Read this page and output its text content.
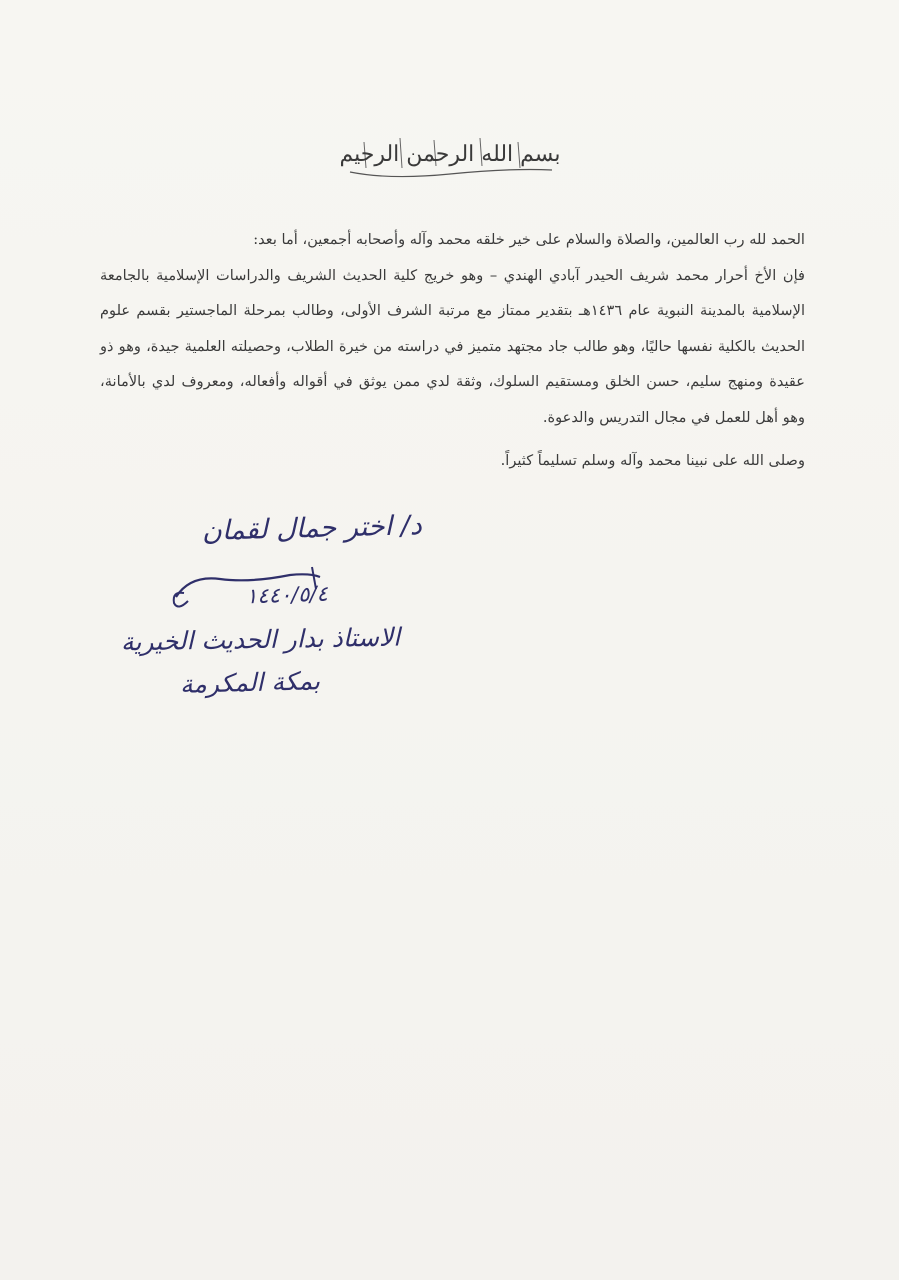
بسم الله الرحمن الرحيم

الحمد لله رب العالمين، والصلاة والسلام على خير خلقه محمد وآله وأصحابه أجمعين، أما بعد:

فإن الأخ أحرار محمد شريف الحيدر آبادي الهندي – وهو خريج كلية الحديث الشريف والدراسات الإسلامية بالجامعة الإسلامية بالمدينة النبوية عام ١٤٣٦هـ بتقدير ممتاز مع مرتبة الشرف الأولى، وطالب بمرحلة الماجستير بقسم علوم الحديث بالكلية نفسها حاليًا، وهو طالب جاد مجتهد متميز في دراسته من خيرة الطلاب، وحصيلته العلمية جيدة، وهو ذو عقيدة ومنهج سليم، حسن الخلق ومستقيم السلوك، وثقة لدي ممن يوثق في أقواله وأفعاله، ومعروف لدي بالأمانة، وهو أهل للعمل في مجال التدريس والدعوة.

وصلى الله على نبينا محمد وآله وسلم تسليماً كثيراً.

د/ اختر جمال لقمان
١٤٤٠/٥/٤
الاستاذ بدار الحديث الخيرية
بمكة المكرمة
